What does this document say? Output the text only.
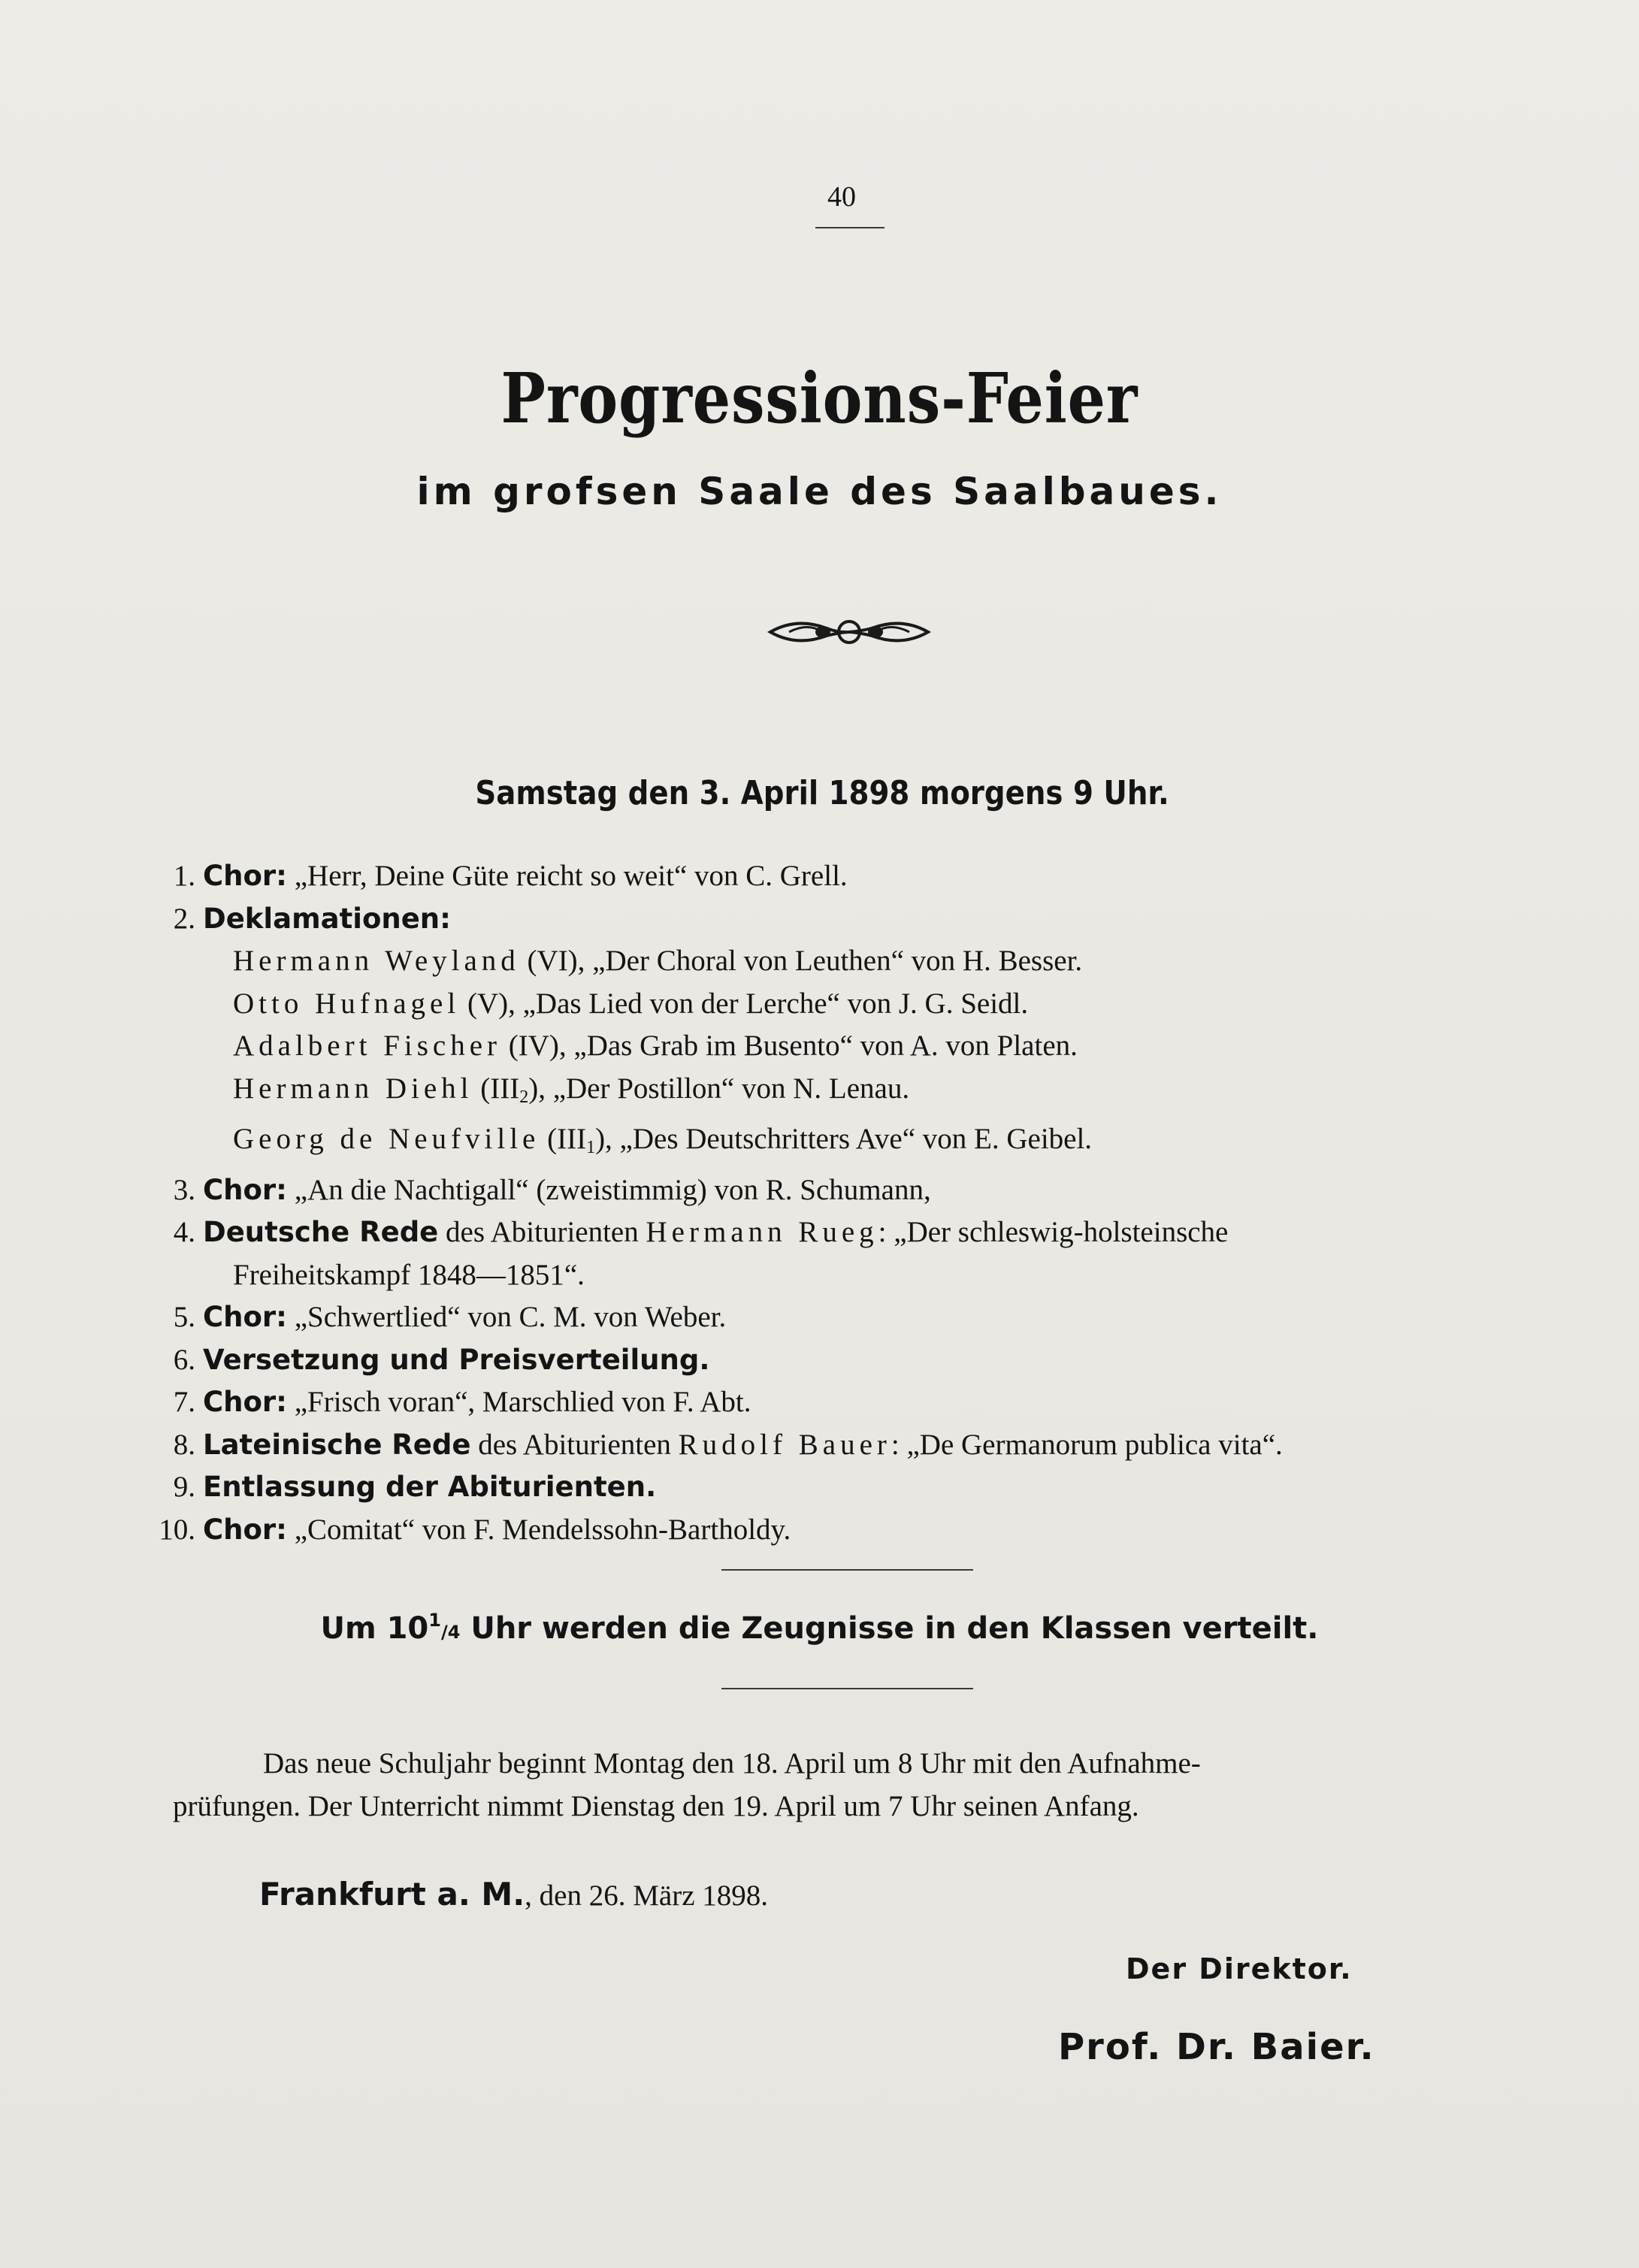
40
Progressions-Feier
im grofsen Saale des Saalbaues.
Samstag den 3. April 1898 morgens 9 Uhr.
1. Chor :
„Herr, Deine Güte reicht so weit“ von C. Grell.
2. Deklamationen :
Hermann Weyland (VI), „Der Choral von Leuthen“ von H. Besser.
Otto Hufnagel (V), „Das Lied von der Lerche“ von J. G. Seidl.
Adalbert Fischer (IV), „Das Grab im Busento“ von A. von Platen.
Hermann Diehl $(III_2)$, „Der Postillon“ von N. Lenau.
Georg de Neufville $(III_1)$, „Des Deutschritters Ave“ von E. Geibel.
3. Chor :
„An die Nachtigall“ (zweistimmig) von R. Schumann,
4. Deutsche Rede
des Abiturienten
Hermann Rueg : „Der schleswig-holsteinsche
Freiheitskampf 1848—1851“.
5. Chor :
„Schwertlied“ von C. M. von Weber.
6. Versetzung und Preisverteilung.
7. Chor :
„Frisch voran“, Marschlied von F. Abt.
8. Lateinische Rede
des Abiturienten
Rudolf Bauer : „De Germanorum publica vita“.
9. Entlassung der Abiturienten.
10. Chor :
„Comitat“ von F. Mendelssohn-Bartholdy.
Um $10^1/4$ Uhr werden die Zeugnisse in den Klassen verteilt.
Das neue Schuljahr beginnt Montag den 18. April um 8 Uhr mit den Aufnahme-
prüfungen. Der Unterricht nimmt Dienstag den 19. April um 7 Uhr seinen Anfang.
Frankfurt a. M., den 26. März 1898.
Der Direktor.
Prof. Dr. Baier.
